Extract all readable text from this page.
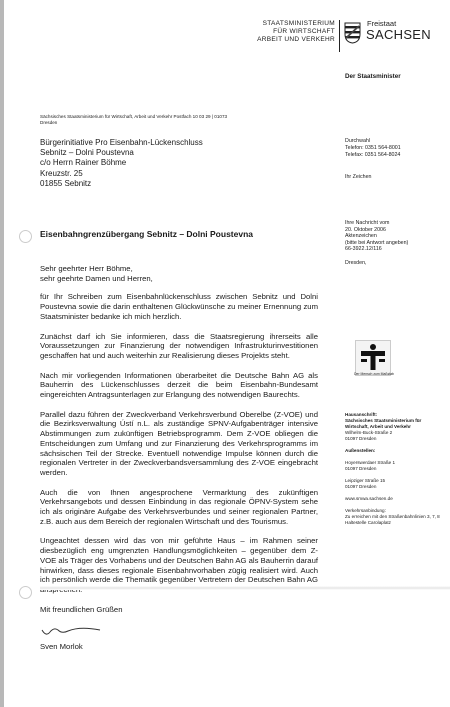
STAATSMINISTERIUM
FÜR WIRTSCHAFT
ARBEIT UND VERKEHR
Freistaat
SACHSEN
Der Staatsminister
Sächsisches Staatsministerium für Wirtschaft, Arbeit und Verkehr Postfach 10 03 29 | 01073 Dresden
Bürgerinitiative Pro Eisenbahn-Lückenschluss
Sebnitz – Dolni Poustevna
c/o Herrn Rainer Böhme
Kreuzstr. 25
01855 Sebnitz
Durchwahl
Telefon: 0351 564-8001
Telefax: 0351 564-8024
Ihr Zeichen
Eisenbahngrenzübergang Sebnitz – Dolni Poustevna
Ihre Nachricht vom
20. Oktober 2006
Aktenzeichen
(bitte bei Antwort angeben)
66-3922.12/116

Dresden,
Der Mensch zum Maßstab
Hausanschrift:
Sächsisches Staatsministerium für Wirtschaft, Arbeit und Verkehr
Wilhelm-Buck-Straße 2
01097 Dresden
Außenstellen:
Hoyerswerdaer Straße 1
01097 Dresden
Leipziger Straße 15
01097 Dresden
www.smwa.sachsen.de
Verkehrsanbindung:
Zu erreichen mit den Straßenbahnlinien 3, 7, 8
Haltestelle Carolaplatz

Sehr geehrter Herr Böhme,
sehr geehrte Damen und Herren,

für Ihr Schreiben zum Eisenbahnlückenschluss zwischen Sebnitz und Dolni Poustevna sowie die darin enthaltenen Glückwünsche zu meiner Ernennung zum Staatsminister bedanke ich mich herzlich.

Zunächst darf ich Sie informieren, dass die Staatsregierung ihrerseits alle Voraussetzungen zur Finanzierung der notwendigen Infrastrukturinvestitionen geschaffen hat und auch weiterhin zur Realisierung dieses Projekts steht.

Nach mir vorliegenden Informationen überarbeitet die Deutsche Bahn AG als Bauherrin des Lückenschlusses derzeit die beim Eisenbahn-Bundesamt eingereichten Antragsunterlagen zur Erlangung des notwendigen Baurechts.

Parallel dazu führen der Zweckverband Verkehrsverbund Oberelbe (Z-VOE) und die Bezirksverwaltung Ústí n.L. als zuständige SPNV-Aufgabenträger intensive Abstimmungen zum zukünftigen Betriebsprogramm. Dem Z-VOE obliegen die Entscheidungen zum Umfang und zur Finanzierung des Verkehrsprogramms im sächsischen Teil der Strecke. Eventuell notwendige Impulse können durch die regionalen Vertreter in der Zweckverbandsversammlung des Z-VOE eingebracht werden.

Auch die von Ihnen angesprochene Vermarktung des zukünftigen Verkehrsangebots und dessen Einbindung in das regionale ÖPNV-System sehe ich als originäre Aufgabe des Verkehrsverbundes und seiner regionalen Partner, z.B. auch aus dem Bereich der regionalen Wirtschaft und des Tourismus.

Ungeachtet dessen wird das von mir geführte Haus – im Rahmen seiner diesbezüglich eng umgrenzten Handlungsmöglichkeiten – gegenüber dem Z-VOE als Träger des Vorhabens und der Deutschen Bahn AG als Bauherrin darauf hinwirken, dass dieses regionale Eisenbahnvorhaben zügig realisiert wird. Auch ich persönlich werde die Thematik gegenüber Vertretern der Deutschen Bahn AG

Mit freundlichen Grüßen

Sven Morlok
